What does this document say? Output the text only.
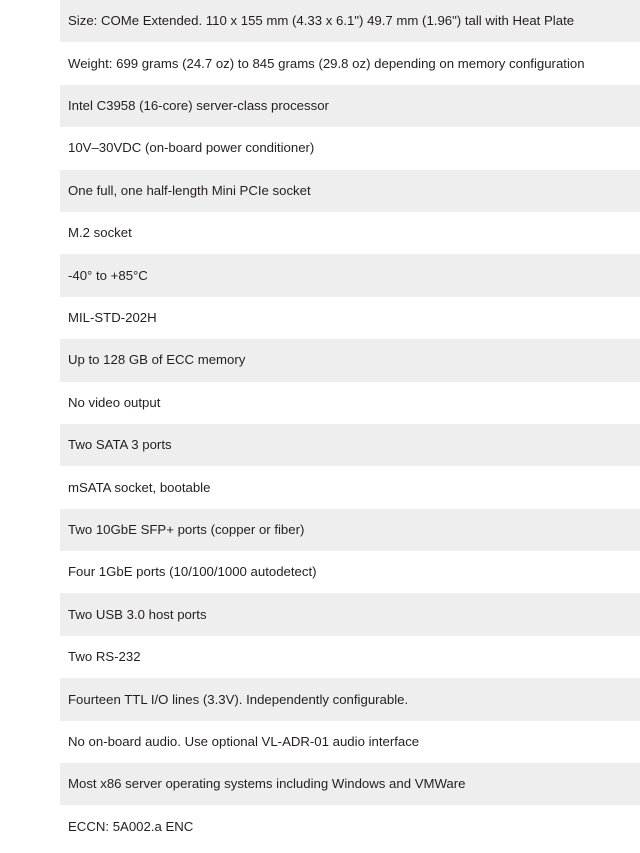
	Size: COMe Extended. 110 x 155 mm (4.33 x 6.1") 49.7 mm (1.96") tall with Heat Plate
	Weight: 699 grams (24.7 oz) to 845 grams (29.8 oz) depending on memory configuration
	Intel C3958 (16-core) server-class processor
	10V–30VDC (on-board power conditioner)
	One full, one half-length Mini PCIe socket
	M.2 socket
	-40° to +85°C
	MIL-STD-202H
	Up to 128 GB of ECC memory
	No video output
	Two SATA 3 ports
	mSATA socket, bootable
	Two 10GbE SFP+ ports (copper or fiber)
	Four 1GbE ports (10/100/1000 autodetect)
	Two USB 3.0 host ports
	Two RS-232
	Fourteen TTL I/O lines (3.3V). Independently configurable.
	No on-board audio. Use optional VL-ADR-01 audio interface
	Most x86 server operating systems including Windows and VMWare
	ECCN: 5A002.a ENC
